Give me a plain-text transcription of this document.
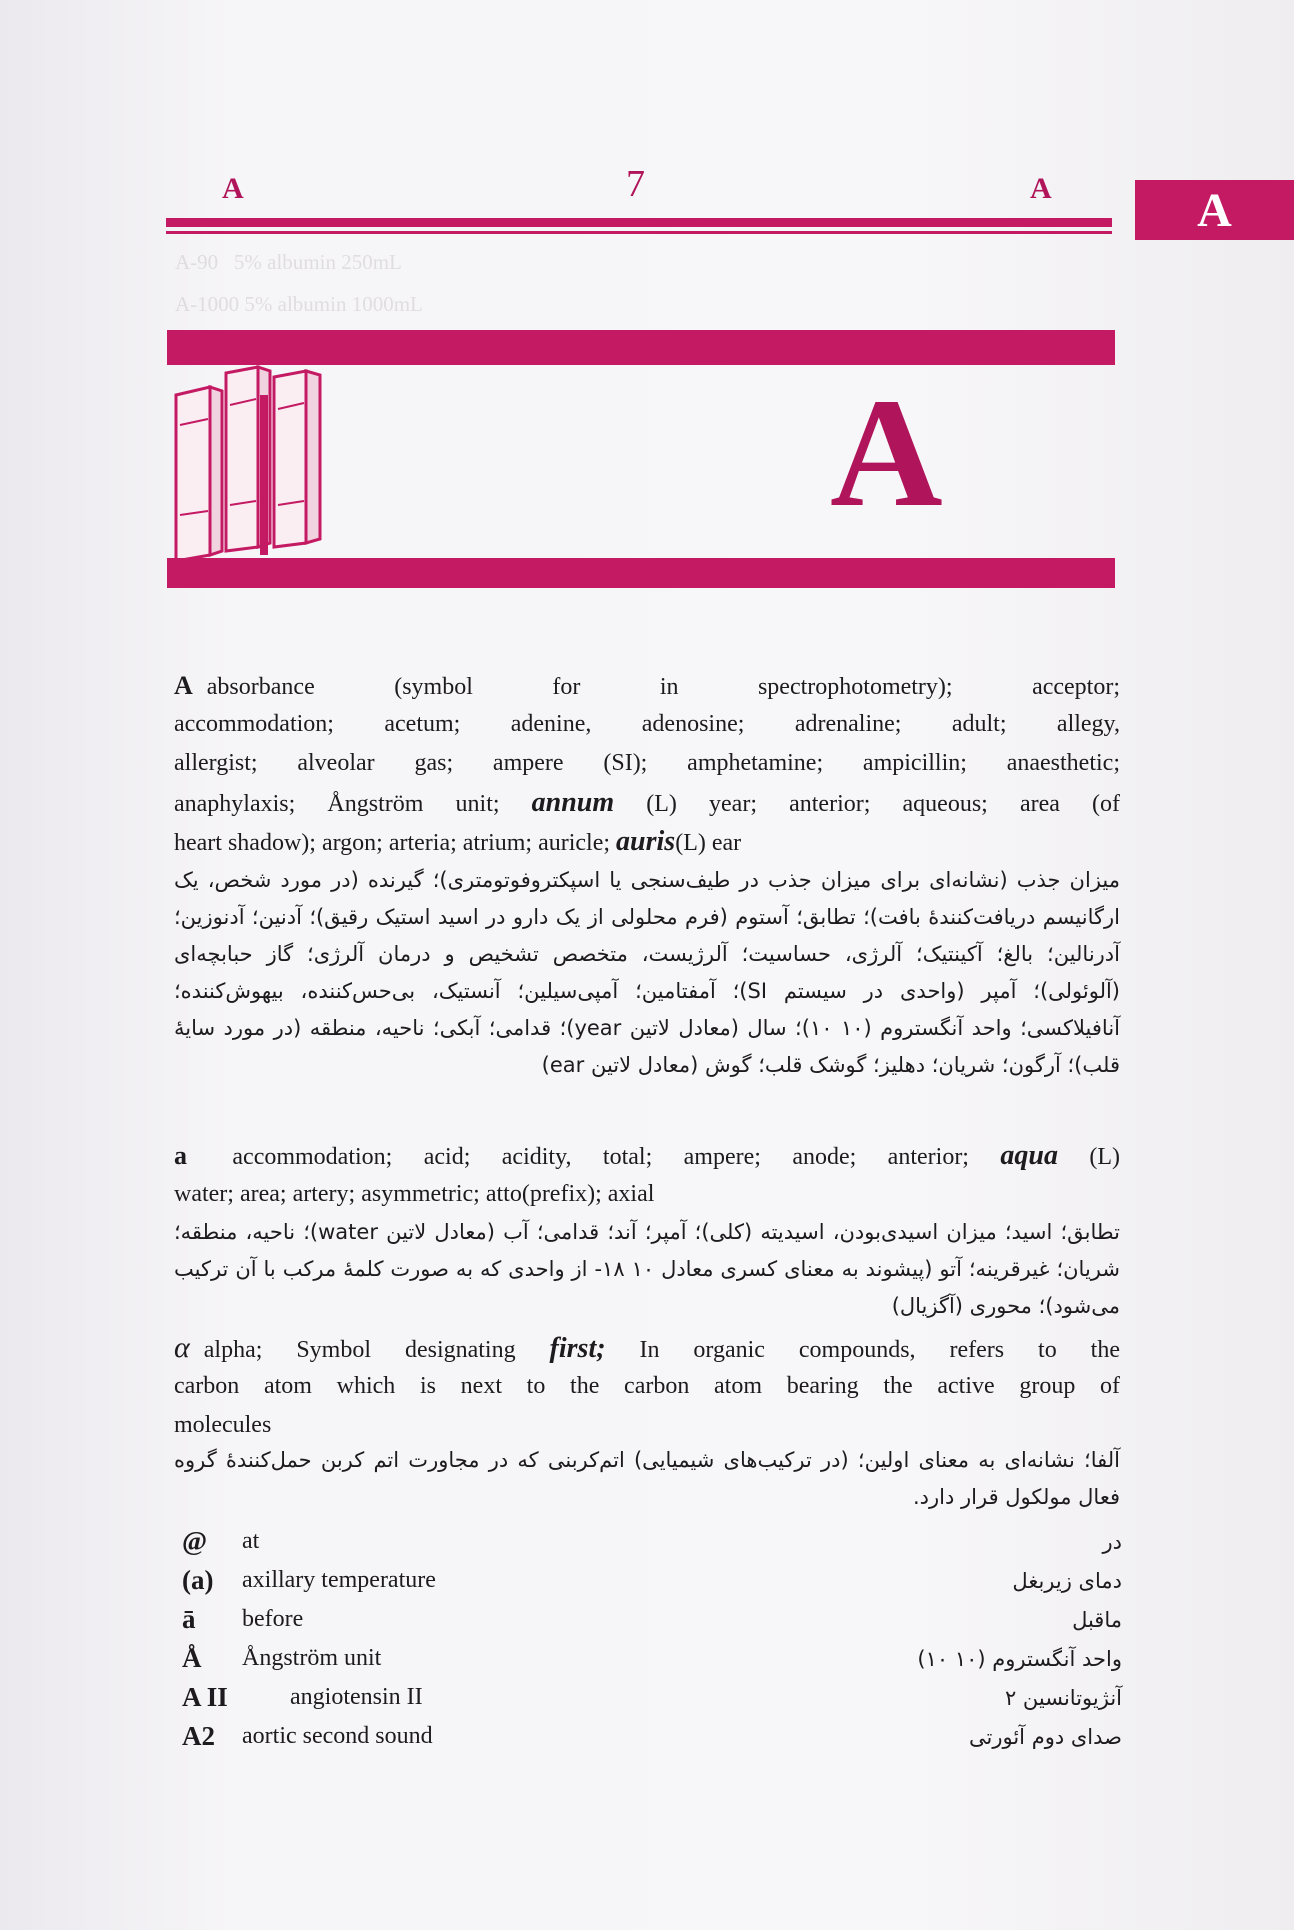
A-90   5% albumin 250mL
A-1000 5% albumin 1000mL
A	7	A	A
A
A absorbance   (symbol   for   in   spectrophotometry);   acceptor;
accommodation; acetum; adenine, adenosine; adrenaline; adult; allegy,
allergist; alveolar gas; ampere (SI); amphetamine; ampicillin; anaesthetic;
anaphylaxis; Ångström unit; annum (L) year; anterior; aqueous; area (of
heart shadow); argon; arteria; atrium; auricle; auris(L) ear
میزان جذب (نشانه‌ای برای میزان جذب در طیف‌سنجی یا اسپکتروفوتومتری)؛ گیرنده (در مورد شخص، یک ارگانیسم دریافت‌کنندهٔ بافت)؛ تطابق؛ آستوم (فرم محلولی از یک دارو در اسید استیک رقیق)؛ آدنین؛ آدنوزین؛ آدرنالین؛ بالغ؛ آکینتیک؛ آلرژی، حساسیت؛ آلرژیست، متخصص تشخیص و درمان آلرژی؛ گاز حبابچه‌ای (آلوئولی)؛ آمپر (واحدی در سیستم SI)؛ آمفتامین؛ آمپی‌سیلین؛ آنستیک، بی‌حس‌کننده، بیهوش‌کننده؛ آنافیلاکسی؛ واحد آنگستروم (۱۰ ۱۰)؛ سال (معادل لاتین year)؛ قدامی؛ آبکی؛ ناحیه، منطقه (در مورد سایهٔ قلب)؛ آرگون؛ شریان؛ دهلیز؛ گوشک قلب؛ گوش (معادل لاتین ear)
a accommodation; acid; acidity, total; ampere; anode; anterior; aqua (L)
water; area; artery; asymmetric; atto(prefix); axial
تطابق؛ اسید؛ میزان اسیدی‌بودن، اسیدیته (کلی)؛ آمپر؛ آند؛ قدامی؛ آب (معادل لاتین water)؛ ناحیه، منطقه؛ شریان؛ غیرقرینه؛ آتو (پیشوند به معنای کسری معادل ۱۰ ۱۸- از واحدی که به صورت کلمهٔ مرکب با آن ترکیب می‌شود)؛ محوری (آگزیال)
α alpha; Symbol designating first; In organic compounds, refers to the
carbon atom which is next to the carbon atom bearing the active group of
molecules
آلفا؛ نشانه‌ای به معنای اولین؛ (در ترکیب‌های شیمیایی) اتم‌کربنی که در مجاورت اتم کربن حمل‌کنندهٔ گروه فعال مولکول قرار دارد.
@ at	در
(a) axillary temperature	دمای زیربغل
ā before	ماقبل
Å Ångström unit	واحد آنگستروم (۱۰ ۱۰)
A II	angiotensin II	آنژیوتانسین ۲
A2 aortic second sound	صدای دوم آئورتی
